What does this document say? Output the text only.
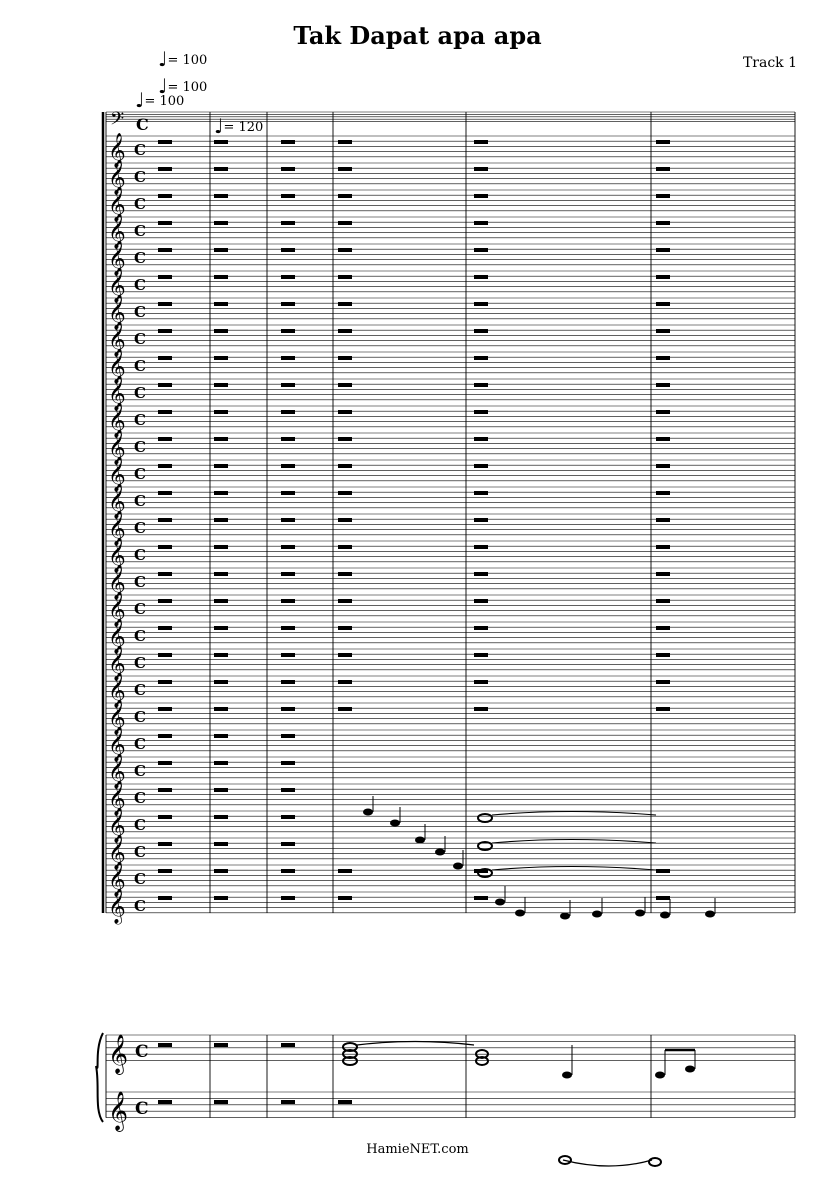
Tak Dapat apa apa
Track 1
♩= 100
♩= 100
♩= 100
♩= 120
𝄢 C
𝄞 C
𝄞 C
𝄞 C
𝄞 C
𝄞 C
𝄞 C
𝄞 C
𝄞 C
𝄞 C
𝄞 C
𝄞 C
𝄞 C
𝄞 C
𝄞 C
𝄞 C
𝄞 C
𝄞 C
𝄞 C
𝄞 C
𝄞 C
𝄞 C
𝄞 C
𝄞 C
𝄞 C
𝄞 C
𝄞 C
𝄞 C
𝄞 C
𝄞 C
𝄞 C
𝄞 C
HamieNET.com
